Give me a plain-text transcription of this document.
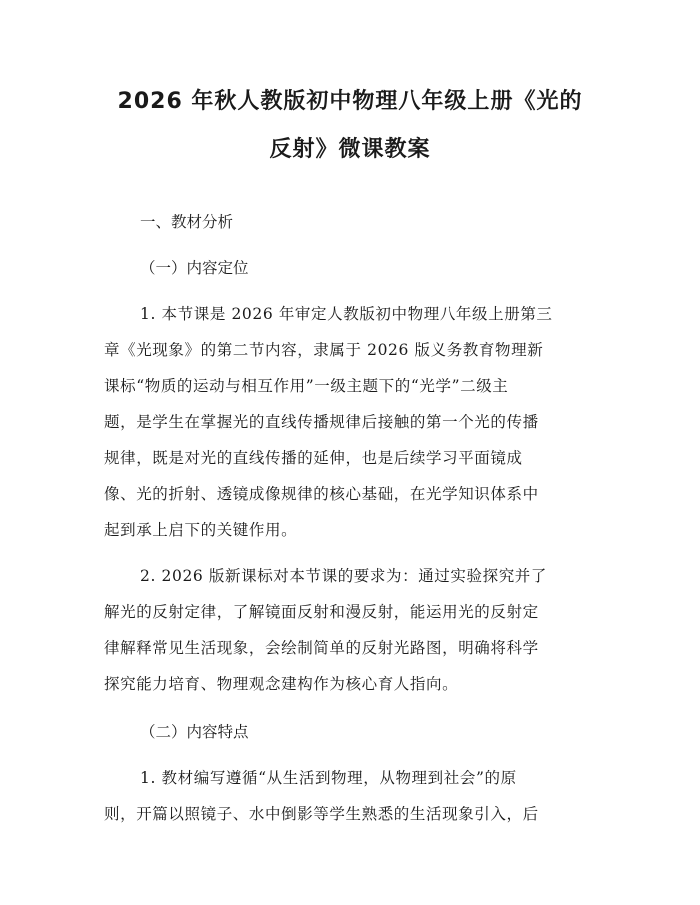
2026 年秋人教版初中物理八年级上册《光的
反射》微课教案

一、教材分析

（一）内容定位

1. 本节课是 2026 年审定人教版初中物理八年级上册第三
章《光现象》的第二节内容，隶属于 2026 版义务教育物理新
课标“物质的运动与相互作用”一级主题下的“光学”二级主
题，是学生在掌握光的直线传播规律后接触的第一个光的传播
规律，既是对光的直线传播的延伸，也是后续学习平面镜成
像、光的折射、透镜成像规律的核心基础，在光学知识体系中
起到承上启下的关键作用。

2. 2026 版新课标对本节课的要求为：通过实验探究并了
解光的反射定律，了解镜面反射和漫反射，能运用光的反射定
律解释常见生活现象，会绘制简单的反射光路图，明确将科学
探究能力培育、物理观念建构作为核心育人指向。

（二）内容特点

1. 教材编写遵循“从生活到物理，从物理到社会”的原
则，开篇以照镜子、水中倒影等学生熟悉的生活现象引入，后
